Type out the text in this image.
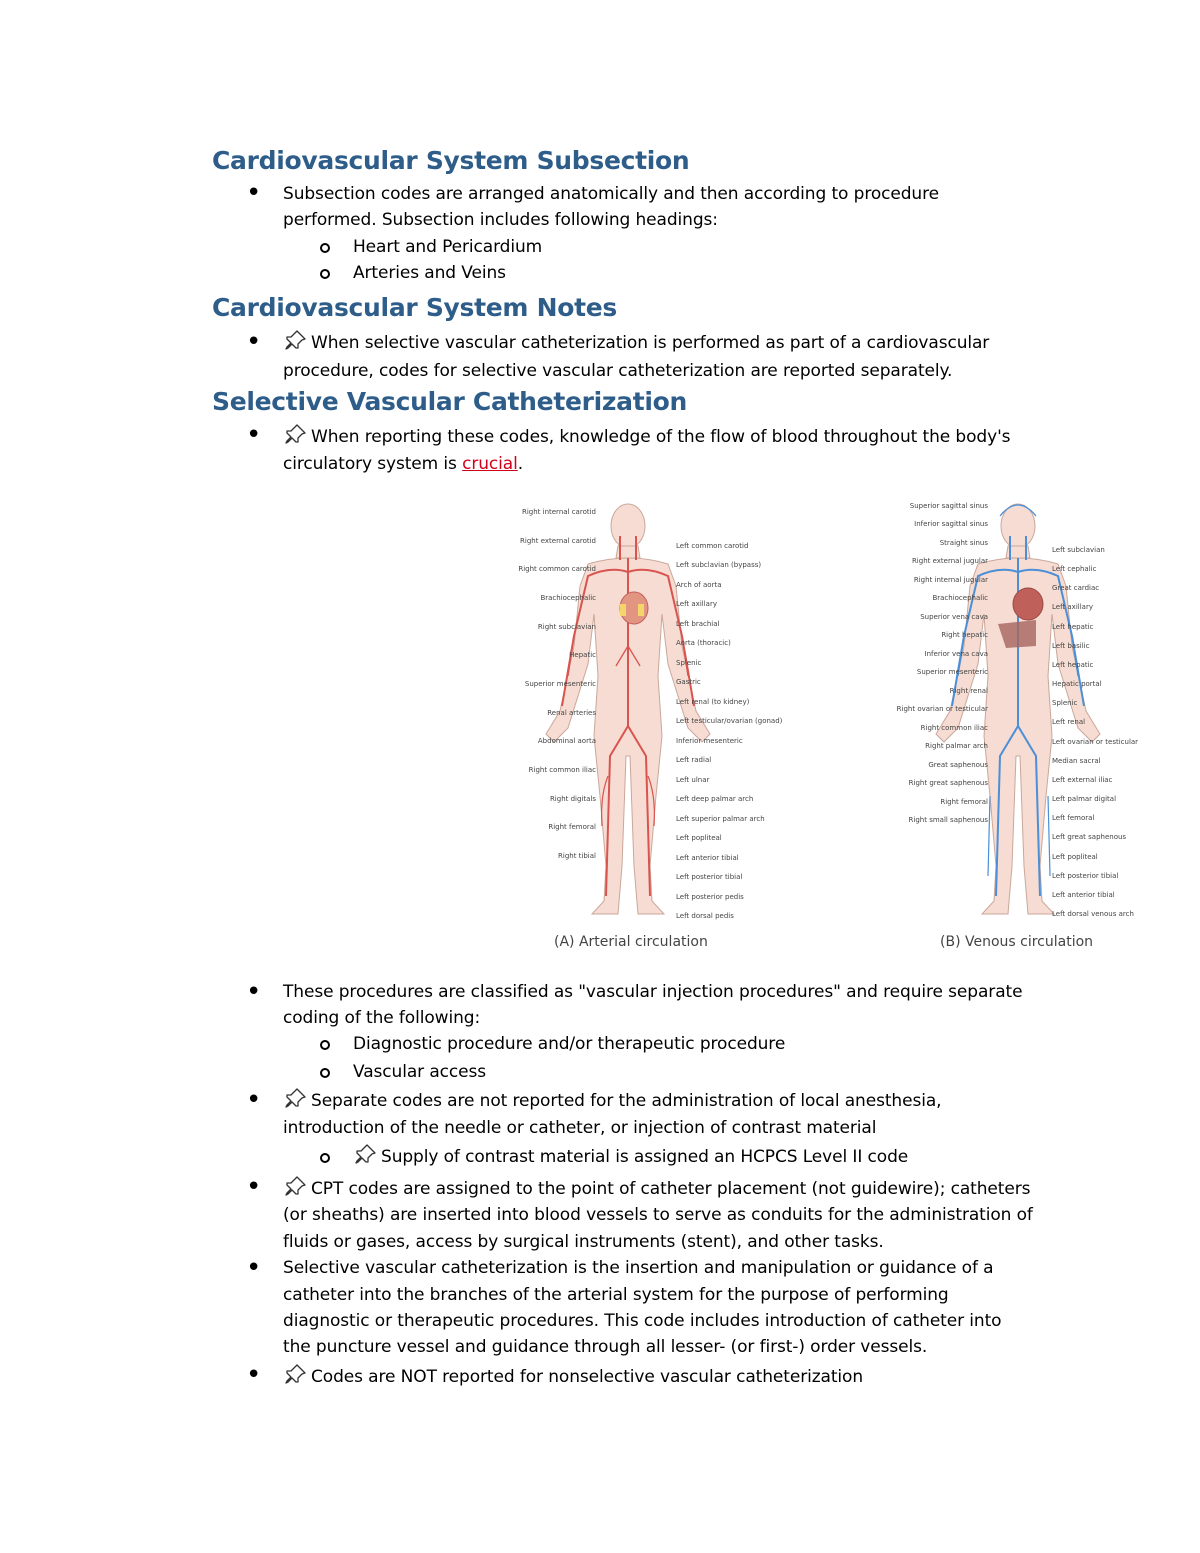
Cardiovascular System Subsection
• Subsection codes are arranged anatomically and then according to procedure
performed. Subsection includes following headings:
Heart and Pericardium
Arteries and Veins
Cardiovascular System Notes
•	When selective vascular catheterization is performed as part of a cardiovascular
procedure, codes for selective vascular catheterization are reported separately.
Selective Vascular Catheterization
•	When reporting these codes, knowledge of the flow of blood throughout the body's
circulatory system is crucial.
Right internal carotid
Right external carotid
Right common carotid
Brachiocephalic
Right subclavian
Hepatic
Superior mesenteric
Renal arteries
Abdominal aorta
Right common iliac
Right digitals
Right femoral
Right tibial
Left common carotid
Left subclavian (bypass)
Arch of aorta
Left axillary
Left brachial
Aorta (thoracic)
Splenic
Gastric
Left renal (to kidney)
Left testicular/ovarian (gonad)
Inferior mesenteric
Left radial
Left ulnar
Left deep palmar arch
Left superior palmar arch
Left popliteal
Left anterior tibial
Left posterior tibial
Left posterior pedis
Left dorsal pedis
Superior sagittal sinus
Inferior sagittal sinus
Straight sinus
Right external jugular
Right internal jugular
Brachiocephalic
Superior vena cava
Right hepatic
Inferior vena cava
Superior mesenteric
Right renal
Right ovarian or testicular
Right common iliac
Right palmar arch
Great saphenous
Right great saphenous
Right femoral
Right small saphenous
Left subclavian
Left cephalic
Great cardiac
Left axillary
Left hepatic
Left basilic
Left hepatic
Hepatic portal
Splenic
Left renal
Left ovarian or testicular
Median sacral
Left external iliac
Left palmar digital
Left femoral
Left great saphenous
Left popliteal
Left posterior tibial
Left anterior tibial
Left dorsal venous arch
(A) Arterial circulation	(B) Venous circulation
• These procedures are classified as "vascular injection procedures" and require separate
coding of the following:
Diagnostic procedure and/or therapeutic procedure
Vascular access
•	Separate codes are not reported for the administration of local anesthesia,
introduction of the needle or catheter, or injection of contrast material
Supply of contrast material is assigned an HCPCS Level II code
•	CPT codes are assigned to the point of catheter placement (not guidewire); catheters
(or sheaths) are inserted into blood vessels to serve as conduits for the administration of
fluids or gases, access by surgical instruments (stent), and other tasks.
• Selective vascular catheterization is the insertion and manipulation or guidance of a
catheter into the branches of the arterial system for the purpose of performing
diagnostic or therapeutic procedures. This code includes introduction of catheter into
the puncture vessel and guidance through all lesser- (or first-) order vessels.
•	Codes are NOT reported for nonselective vascular catheterization
